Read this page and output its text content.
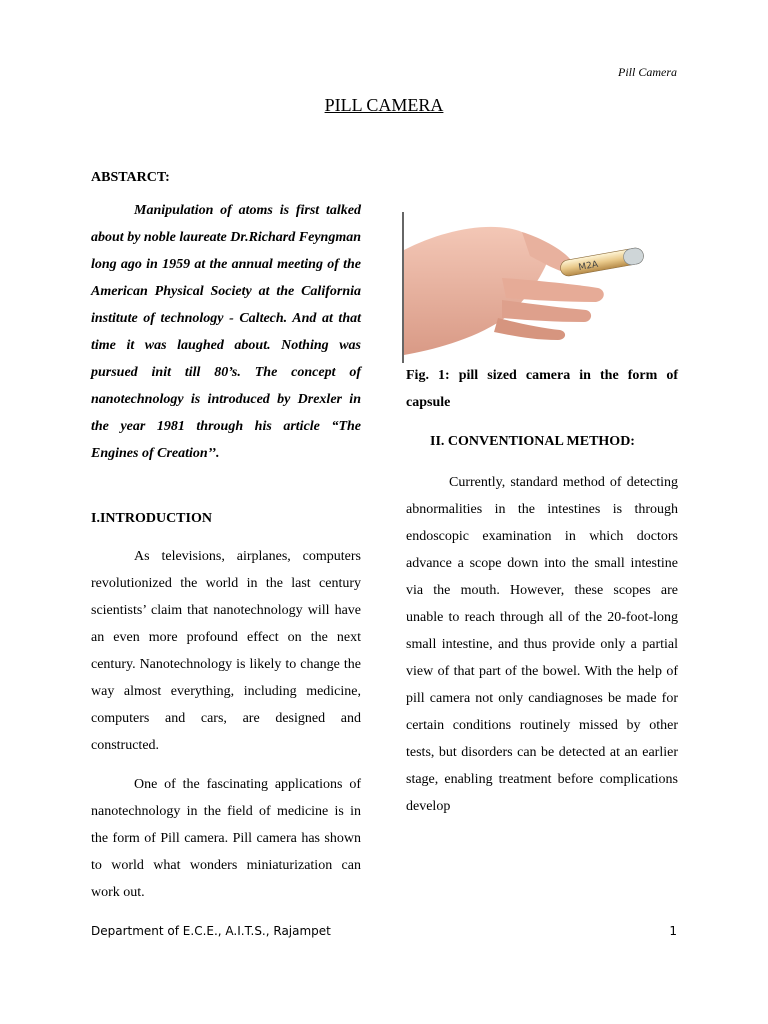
Pill Camera
PILL CAMERA
ABSTARCT:

Manipulation of atoms is first talked about by noble laureate Dr.Richard Feyngman long ago in 1959 at the annual meeting of the American Physical Society at the California institute of technology - Caltech. And at that time it was laughed about. Nothing was pursued init till 80’s. The concept of nanotechnology is introduced by Drexler in the year 1981 through his article “The Engines of Creation’’.

I.INTRODUCTION

As televisions, airplanes, computers revolutionized the world in the last century scientists’ claim that nanotechnology will have an even more profound effect on the next century. Nanotechnology is likely to change the way almost everything, including medicine, computers and cars, are designed and constructed.

One of the fascinating applications of nanotechnology in the field of medicine is in the form of Pill camera. Pill camera has shown to world what wonders miniaturization can work out.

M2A
Fig. 1: pill sized camera in the form of capsule
II. CONVENTIONAL METHOD:

Currently, standard method of detecting abnormalities in the intestines is through endoscopic examination in which doctors advance a scope down into the small intestine via the mouth. However, these scopes are unable to reach through all of the 20-foot-long small intestine, and thus provide only a partial view of that part of the bowel. With the help of pill camera not only candiagnoses be made for certain conditions routinely missed by other tests, but disorders can be detected at an earlier stage, enabling treatment before complications develop

Department of E.C.E., A.I.T.S., Rajampet	1
